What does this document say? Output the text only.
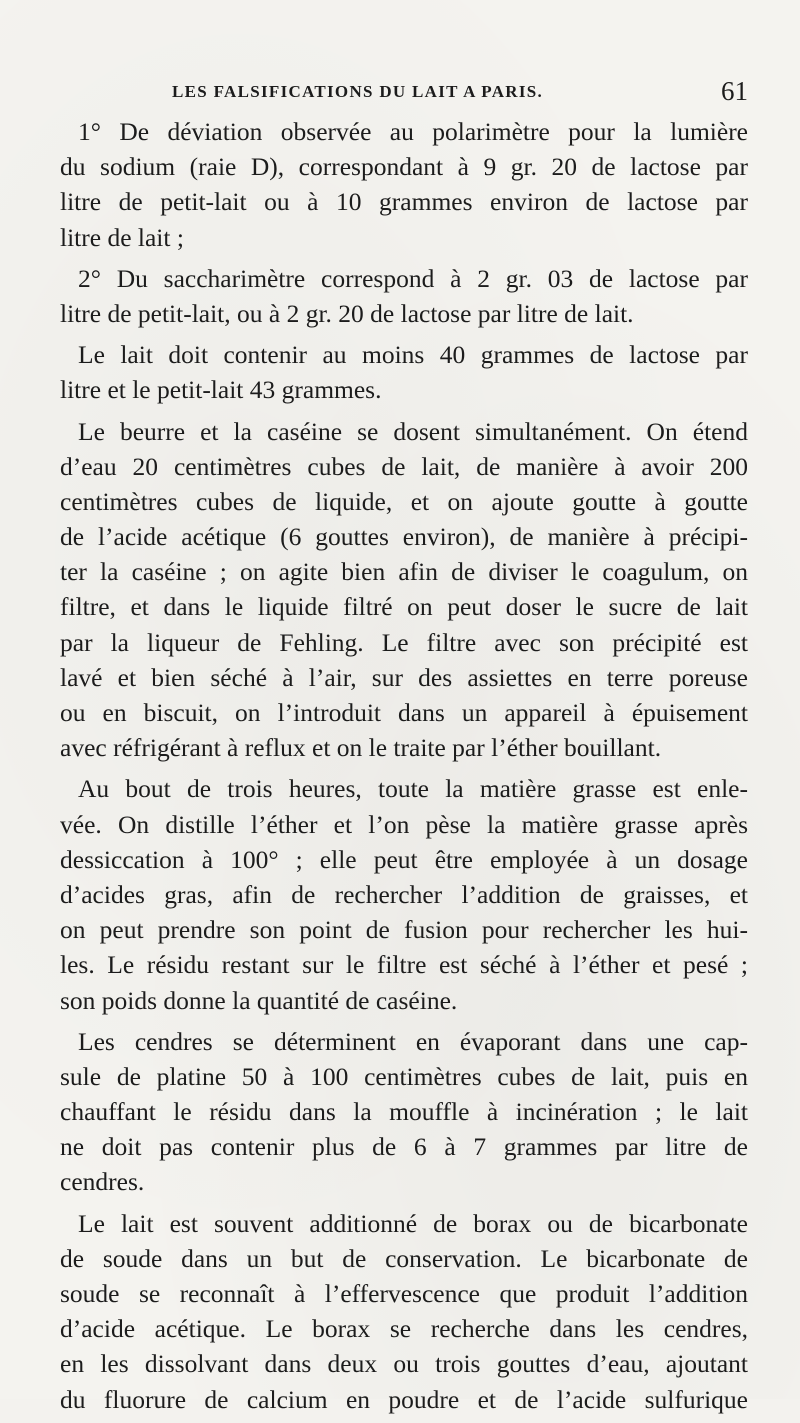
LES FALSIFICATIONS DU LAIT A PARIS.	61
1° De déviation observée au polarimètre pour la lumière
du sodium (raie D), correspondant à 9 gr. 20 de lactose par
litre de petit-lait ou à 10 grammes environ de lactose par
litre de lait ;
2° Du saccharimètre correspond à 2 gr. 03 de lactose par
litre de petit-lait, ou à 2 gr. 20 de lactose par litre de lait.
Le lait doit contenir au moins 40 grammes de lactose par
litre et le petit-lait 43 grammes.
Le beurre et la caséine se dosent simultanément. On étend
d’eau 20 centimètres cubes de lait, de manière à avoir 200
centimètres cubes de liquide, et on ajoute goutte à goutte
de l’acide acétique (6 gouttes environ), de manière à précipi-
ter la caséine ; on agite bien afin de diviser le coagulum, on
filtre, et dans le liquide filtré on peut doser le sucre de lait
par la liqueur de Fehling. Le filtre avec son précipité est
lavé et bien séché à l’air, sur des assiettes en terre poreuse
ou en biscuit, on l’introduit dans un appareil à épuisement
avec réfrigérant à reflux et on le traite par l’éther bouillant.
Au bout de trois heures, toute la matière grasse est enle-
vée. On distille l’éther et l’on pèse la matière grasse après
dessiccation à 100° ; elle peut être employée à un dosage
d’acides gras, afin de rechercher l’addition de graisses, et
on peut prendre son point de fusion pour rechercher les hui-
les. Le résidu restant sur le filtre est séché à l’éther et pesé ;
son poids donne la quantité de caséine.
Les cendres se déterminent en évaporant dans une cap-
sule de platine 50 à 100 centimètres cubes de lait, puis en
chauffant le résidu dans la mouffle à incinération ; le lait
ne doit pas contenir plus de 6 à 7 grammes par litre de
cendres.
Le lait est souvent additionné de borax ou de bicarbonate
de soude dans un but de conservation. Le bicarbonate de
soude se reconnaît à l’effervescence que produit l’addition
d’acide acétique. Le borax se recherche dans les cendres,
en les dissolvant dans deux ou trois gouttes d’eau, ajoutant
du fluorure de calcium en poudre et de l’acide sulfurique
